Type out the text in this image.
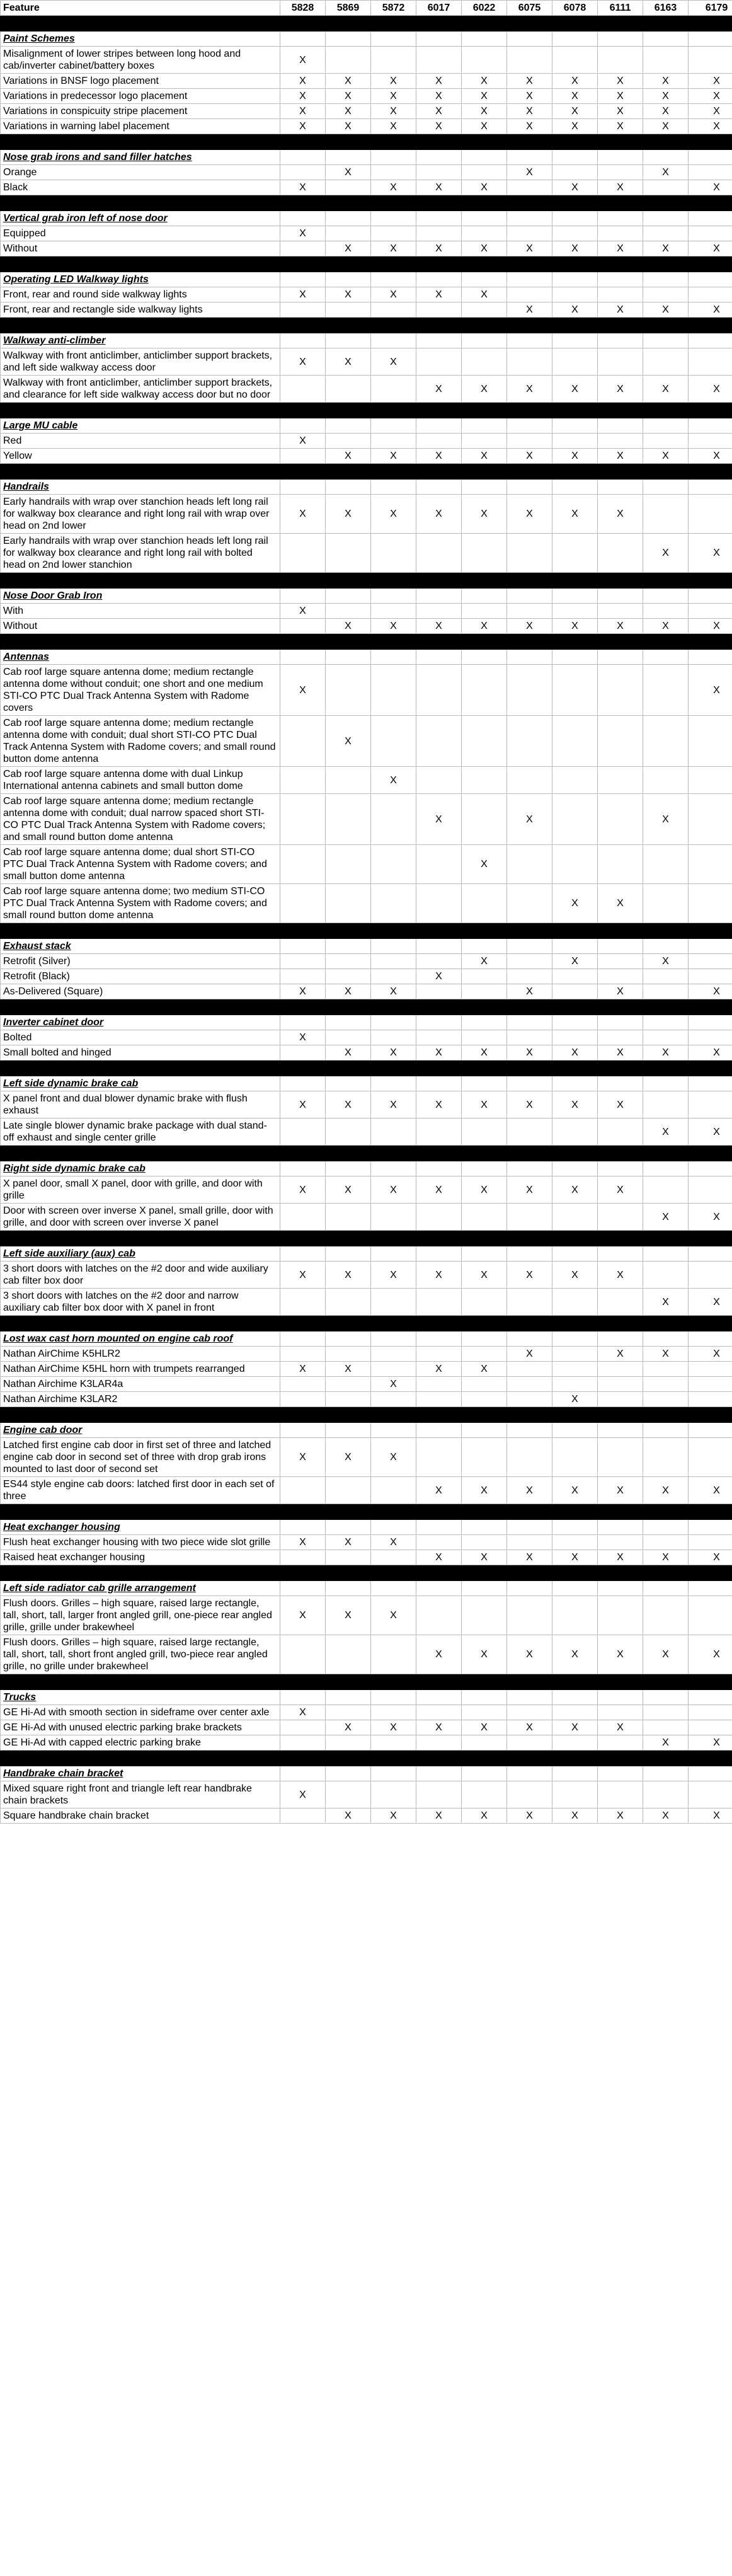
Feature	5828	5869	5872	6017	6022	6075	6078	6111	6163	6179

Paint Schemes										
Misalignment of lower stripes between long hood and cab/inverter cabinet/battery boxes	X									
Variations in BNSF logo placement	X	X	X	X	X	X	X	X	X	X
Variations in predecessor logo placement	X	X	X	X	X	X	X	X	X	X
Variations in conspicuity stripe placement	X	X	X	X	X	X	X	X	X	X
Variations in warning label placement	X	X	X	X	X	X	X	X	X	X

Nose grab irons and sand filler hatches										
Orange		X				X			X	
Black	X		X	X	X		X	X		X

Vertical grab iron left of nose door										
Equipped	X									
Without		X	X	X	X	X	X	X	X	X

Operating LED Walkway lights										
Front, rear and round side walkway lights	X	X	X	X	X					
Front, rear and rectangle side walkway lights						X	X	X	X	X

Walkway anti-climber										
Walkway with front anticlimber, anticlimber support brackets, and left side walkway access door	X	X	X							
Walkway with front anticlimber, anticlimber support brackets, and clearance for left side walkway access door but no door				X	X	X	X	X	X	X

Large MU cable										
Red	X									
Yellow		X	X	X	X	X	X	X	X	X

Handrails										
Early handrails with wrap over stanchion heads left long rail for walkway box clearance and right long rail with wrap over head on 2nd lower	X	X	X	X	X	X	X	X		
Early handrails with wrap over stanchion heads left long rail for walkway box clearance and right long rail with bolted head on 2nd lower stanchion									X	X

Nose Door Grab Iron										
With	X									
Without		X	X	X	X	X	X	X	X	X

Antennas										
Cab roof large square antenna dome; medium rectangle antenna dome without conduit; one short and one medium STI-CO PTC Dual Track Antenna System with Radome covers	X									X
Cab roof large square antenna dome; medium rectangle antenna dome with conduit; dual short STI-CO PTC Dual Track Antenna System with Radome covers; and small round button dome antenna		X								
Cab roof large square antenna dome with dual Linkup International antenna cabinets and small button dome			X							
Cab roof large square antenna dome; medium rectangle antenna dome with conduit; dual narrow spaced short STI-CO PTC Dual Track Antenna System with Radome covers; and small round button dome antenna				X		X			X	
Cab roof large square antenna dome; dual short STI-CO PTC Dual Track Antenna System with Radome covers; and small button dome antenna					X					
Cab roof large square antenna dome; two medium STI-CO PTC Dual Track Antenna System with Radome covers; and small round button dome antenna							X	X		

Exhaust stack										
Retrofit (Silver)					X		X		X	
Retrofit (Black)				X						
As-Delivered (Square)	X	X	X			X		X		X

Inverter cabinet door										
Bolted	X									
Small bolted and hinged		X	X	X	X	X	X	X	X	X

Left side dynamic brake cab										
X panel front and dual blower dynamic brake with flush exhaust	X	X	X	X	X	X	X	X		
Late single blower dynamic brake package with dual stand-off exhaust and single center grille									X	X

Right side dynamic brake cab										
X panel door, small X panel, door with grille, and door with grille	X	X	X	X	X	X	X	X		
Door with screen over inverse X panel, small grille, door with grille, and door with screen over inverse X panel									X	X

Left side auxiliary (aux) cab										
3 short doors with latches on the #2 door and wide auxiliary cab filter box door	X	X	X	X	X	X	X	X		
3 short doors with latches on the #2 door and narrow auxiliary cab filter box door with X panel in front									X	X

Lost wax cast horn mounted on engine cab roof										
Nathan AirChime K5HLR2						X		X	X	X
Nathan AirChime K5HL horn with trumpets rearranged	X	X		X	X					
Nathan Airchime K3LAR4a			X							
Nathan Airchime K3LAR2							X			

Engine cab door										
Latched first engine cab door in first set of three and latched engine cab door in second set of three with drop grab irons mounted to last door of second set	X	X	X							
ES44 style engine cab doors: latched first door in each set of three				X	X	X	X	X	X	X

Heat exchanger housing										
Flush heat exchanger housing with two piece wide slot grille	X	X	X							
Raised heat exchanger housing				X	X	X	X	X	X	X

Left side radiator cab grille arrangement										
Flush doors. Grilles – high square, raised large rectangle, tall, short, tall, larger front angled grill, one-piece rear angled grille, grille under brakewheel	X	X	X							
Flush doors. Grilles – high square, raised large rectangle, tall, short, tall, short front angled grill, two-piece rear angled grille, no grille under brakewheel				X	X	X	X	X	X	X

Trucks										
GE Hi-Ad with smooth section in sideframe over center axle	X									
GE Hi-Ad with unused electric parking brake brackets		X	X	X	X	X	X	X		
GE Hi-Ad with capped electric parking brake									X	X

Handbrake chain bracket										
Mixed square right front and triangle left rear handbrake chain brackets	X									
Square handbrake chain bracket		X	X	X	X	X	X	X	X	X
